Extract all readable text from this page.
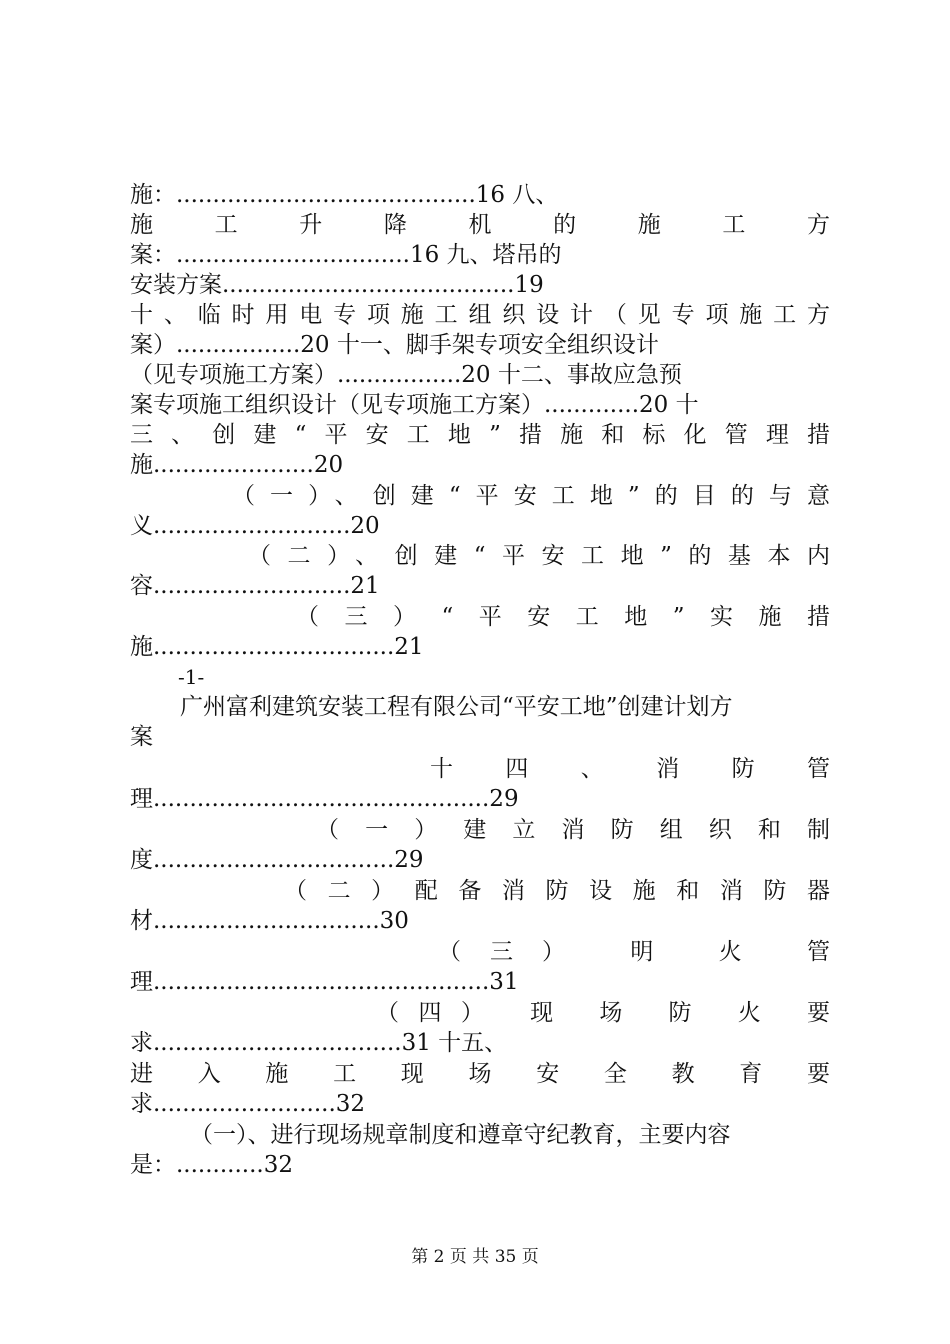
施：.........................................16 八、
施 工 升 降 机 的 施 工 方
案：................................16 九、塔吊的
安装方案........................................19
十、临时用电专项施工组织设计（见专项施工方
案）.................20 十一、脚手架专项安全组织设计
（见专项施工方案）.................20 十二、事故应急预
案专项施工组织设计（见专项施工方案）.............20 十
三、创建“平安工地”措施和标化管理措
施......................20
（一）、创建“平安工地”的目的与意
义...........................20
（二）、创建“平安工地”的基本内
容...........................21
（三）“平安工地”实施措
施.................................21
-1-
广州富利建筑安装工程有限公司“平安工地”创建计划方
案
十 四 、 消 防 管
理..............................................29
（一）建立消防组织和制
度.................................29
（二）配备消防设施和消防器
材...............................30
（三） 明 火 管
理..............................................31
（四） 现 场 防 火 要
求..................................31 十五、
进 入 施 工 现 场 安 全 教 育 要
求.........................32
（一）、进行现场规章制度和遵章守纪教育，主要内容
是：............32
第 2 页 共 35 页
